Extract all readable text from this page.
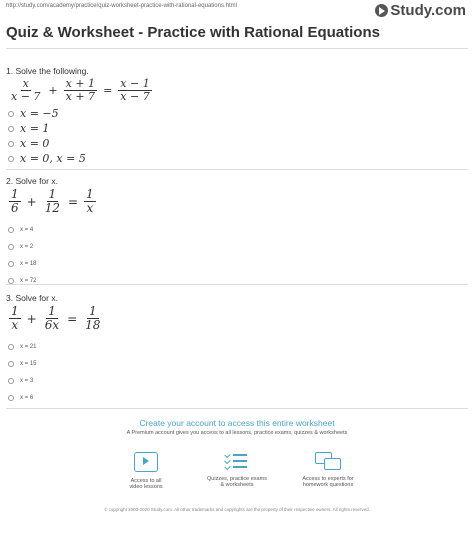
http://study.com/academy/practice/quiz-worksheet-practice-with-rational-equations.html	Study.com
Quiz & Worksheet - Practice with Rational Equations
1. Solve the following.
$\frac{x}{x - 7} + \frac{x + 1}{x + 7} = \frac{x - 1}{x - 7}$
x = −5
x = 1
x = 0
x = 0, x = 5
2. Solve for x.
$\frac{1}{6} + \frac{1}{12} = \frac{1}{x}$
x = 4
x = 2
x = 18
x = 72
3. Solve for x.
$\frac{1}{x} + \frac{1}{6x} = \frac{1}{18}$
x = 21
x = 15
x = 3
x = 6
Create your account to access this entire worksheet
A Premium account gives you access to all lessons, practice exams, quizzes & worksheets
Access to all
video lessons
Quizzes, practice exams
& worksheets
Access to experts for
homework questions
© copyright 2003-2020 Study.com. All other trademarks and copyrights are the property of their respective owners. All rights reserved.
